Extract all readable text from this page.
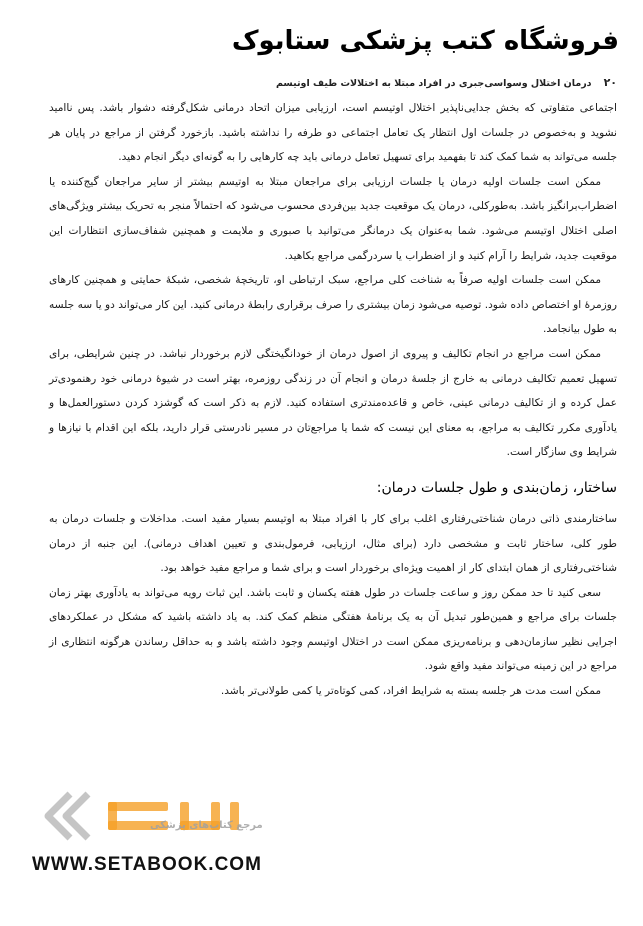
فروشگاه کتب پزشکی ستابوک
۲۰
درمان اختلال وسواسی‌جبری در افراد مبتلا به اختلالات طیف اوتیسم

اجتماعی متفاوتی که بخش جدایی‌ناپذیر اختلال اوتیسم است، ارزیابی میزان اتحاد درمانی شکل‌گرفته دشوار باشد. پس ناامید نشوید و به‌خصوص در جلسات اول انتظار یک تعامل اجتماعی دو طرفه را نداشته باشید. بازخورد گرفتن از مراجع در پایان هر جلسه می‌تواند به شما کمک کند تا بفهمید برای تسهیل تعامل درمانی باید چه کارهایی را به گونه‌ای دیگر انجام دهید.

ممکن است جلسات اولیه درمان یا جلسات ارزیابی برای مراجعان مبتلا به اوتیسم بیشتر از سایر مراجعان گیج‌کننده یا اضطراب‌برانگیز باشد. به‌طورکلی، درمان یک موقعیت جدید بین‌فردی محسوب می‌شود که احتمالاً منجر به تحریک بیشتر ویژگی‌های اصلی اختلال اوتیسم می‌شود. شما به‌عنوان یک درمانگر می‌توانید با صبوری و ملایمت و همچنین شفاف‌سازی انتظارات این موقعیت جدید، شرایط را آرام کنید و از اضطراب یا سردرگمی مراجع بکاهید.

ممکن است جلسات اولیه صرفاً به شناخت کلی مراجع، سبک ارتباطی او، تاریخچهٔ شخصی، شبکهٔ حمایتی و همچنین کارهای روزمرهٔ او اختصاص داده شود. توصیه می‌شود زمان بیشتری را صرف برقراری رابطهٔ درمانی کنید. این کار می‌تواند دو یا سه جلسه به طول بیانجامد.

ممکن است مراجع در انجام تکالیف و پیروی از اصول درمان از خودانگیختگی لازم برخوردار نباشد. در چنین شرایطی، برای تسهیل تعمیم تکالیف درمانی به خارج از جلسهٔ درمان و انجام آن در زندگی روزمره، بهتر است در شیوهٔ درمانی خود رهنمودی‌تر عمل کرده و از تکالیف درمانی عینی، خاص و قاعده‌مندتری استفاده کنید. لازم به ذکر است که گوشزد کردن دستورالعمل‌ها و یادآوری مکرر تکالیف به مراجع، به معنای این نیست که شما یا مراجع‌تان در مسیر نادرستی قرار دارید، بلکه این اقدام با نیازها و شرایط وی سازگار است.

ساختار، زمان‌بندی و طول جلسات درمان:

ساختارمندی ذاتی درمان شناختی‌رفتاری اغلب برای کار با افراد مبتلا به اوتیسم بسیار مفید است. مداخلات و جلسات درمان به طور کلی، ساختار ثابت و مشخصی دارد (برای مثال، ارزیابی، فرمول‌بندی و تعیین اهداف درمانی). این جنبه از درمان شناختی‌رفتاری از همان ابتدای کار از اهمیت ویژه‌ای برخوردار است و برای شما و مراجع مفید خواهد بود.

سعی کنید تا حد ممکن روز و ساعت جلسات در طول هفته یکسان و ثابت باشد. این ثبات رویه می‌تواند به یادآوری بهتر زمان جلسات برای مراجع و همین‌طور تبدیل آن به یک برنامهٔ هفتگی منظم کمک کند. به یاد داشته باشید که مشکل در عملکردهای اجرایی نظیر سازمان‌دهی و برنامه‌ریزی ممکن است در اختلال اوتیسم وجود داشته باشد و به حداقل رساندن هرگونه انتظاری از مراجع در این زمینه می‌تواند مفید واقع شود.

ممکن است مدت هر جلسه بسته به شرایط افراد، کمی کوتاه‌تر یا کمی طولانی‌تر باشد.

مرجع کتاب‌های پزشکی
WWW.SETABOOK.COM
